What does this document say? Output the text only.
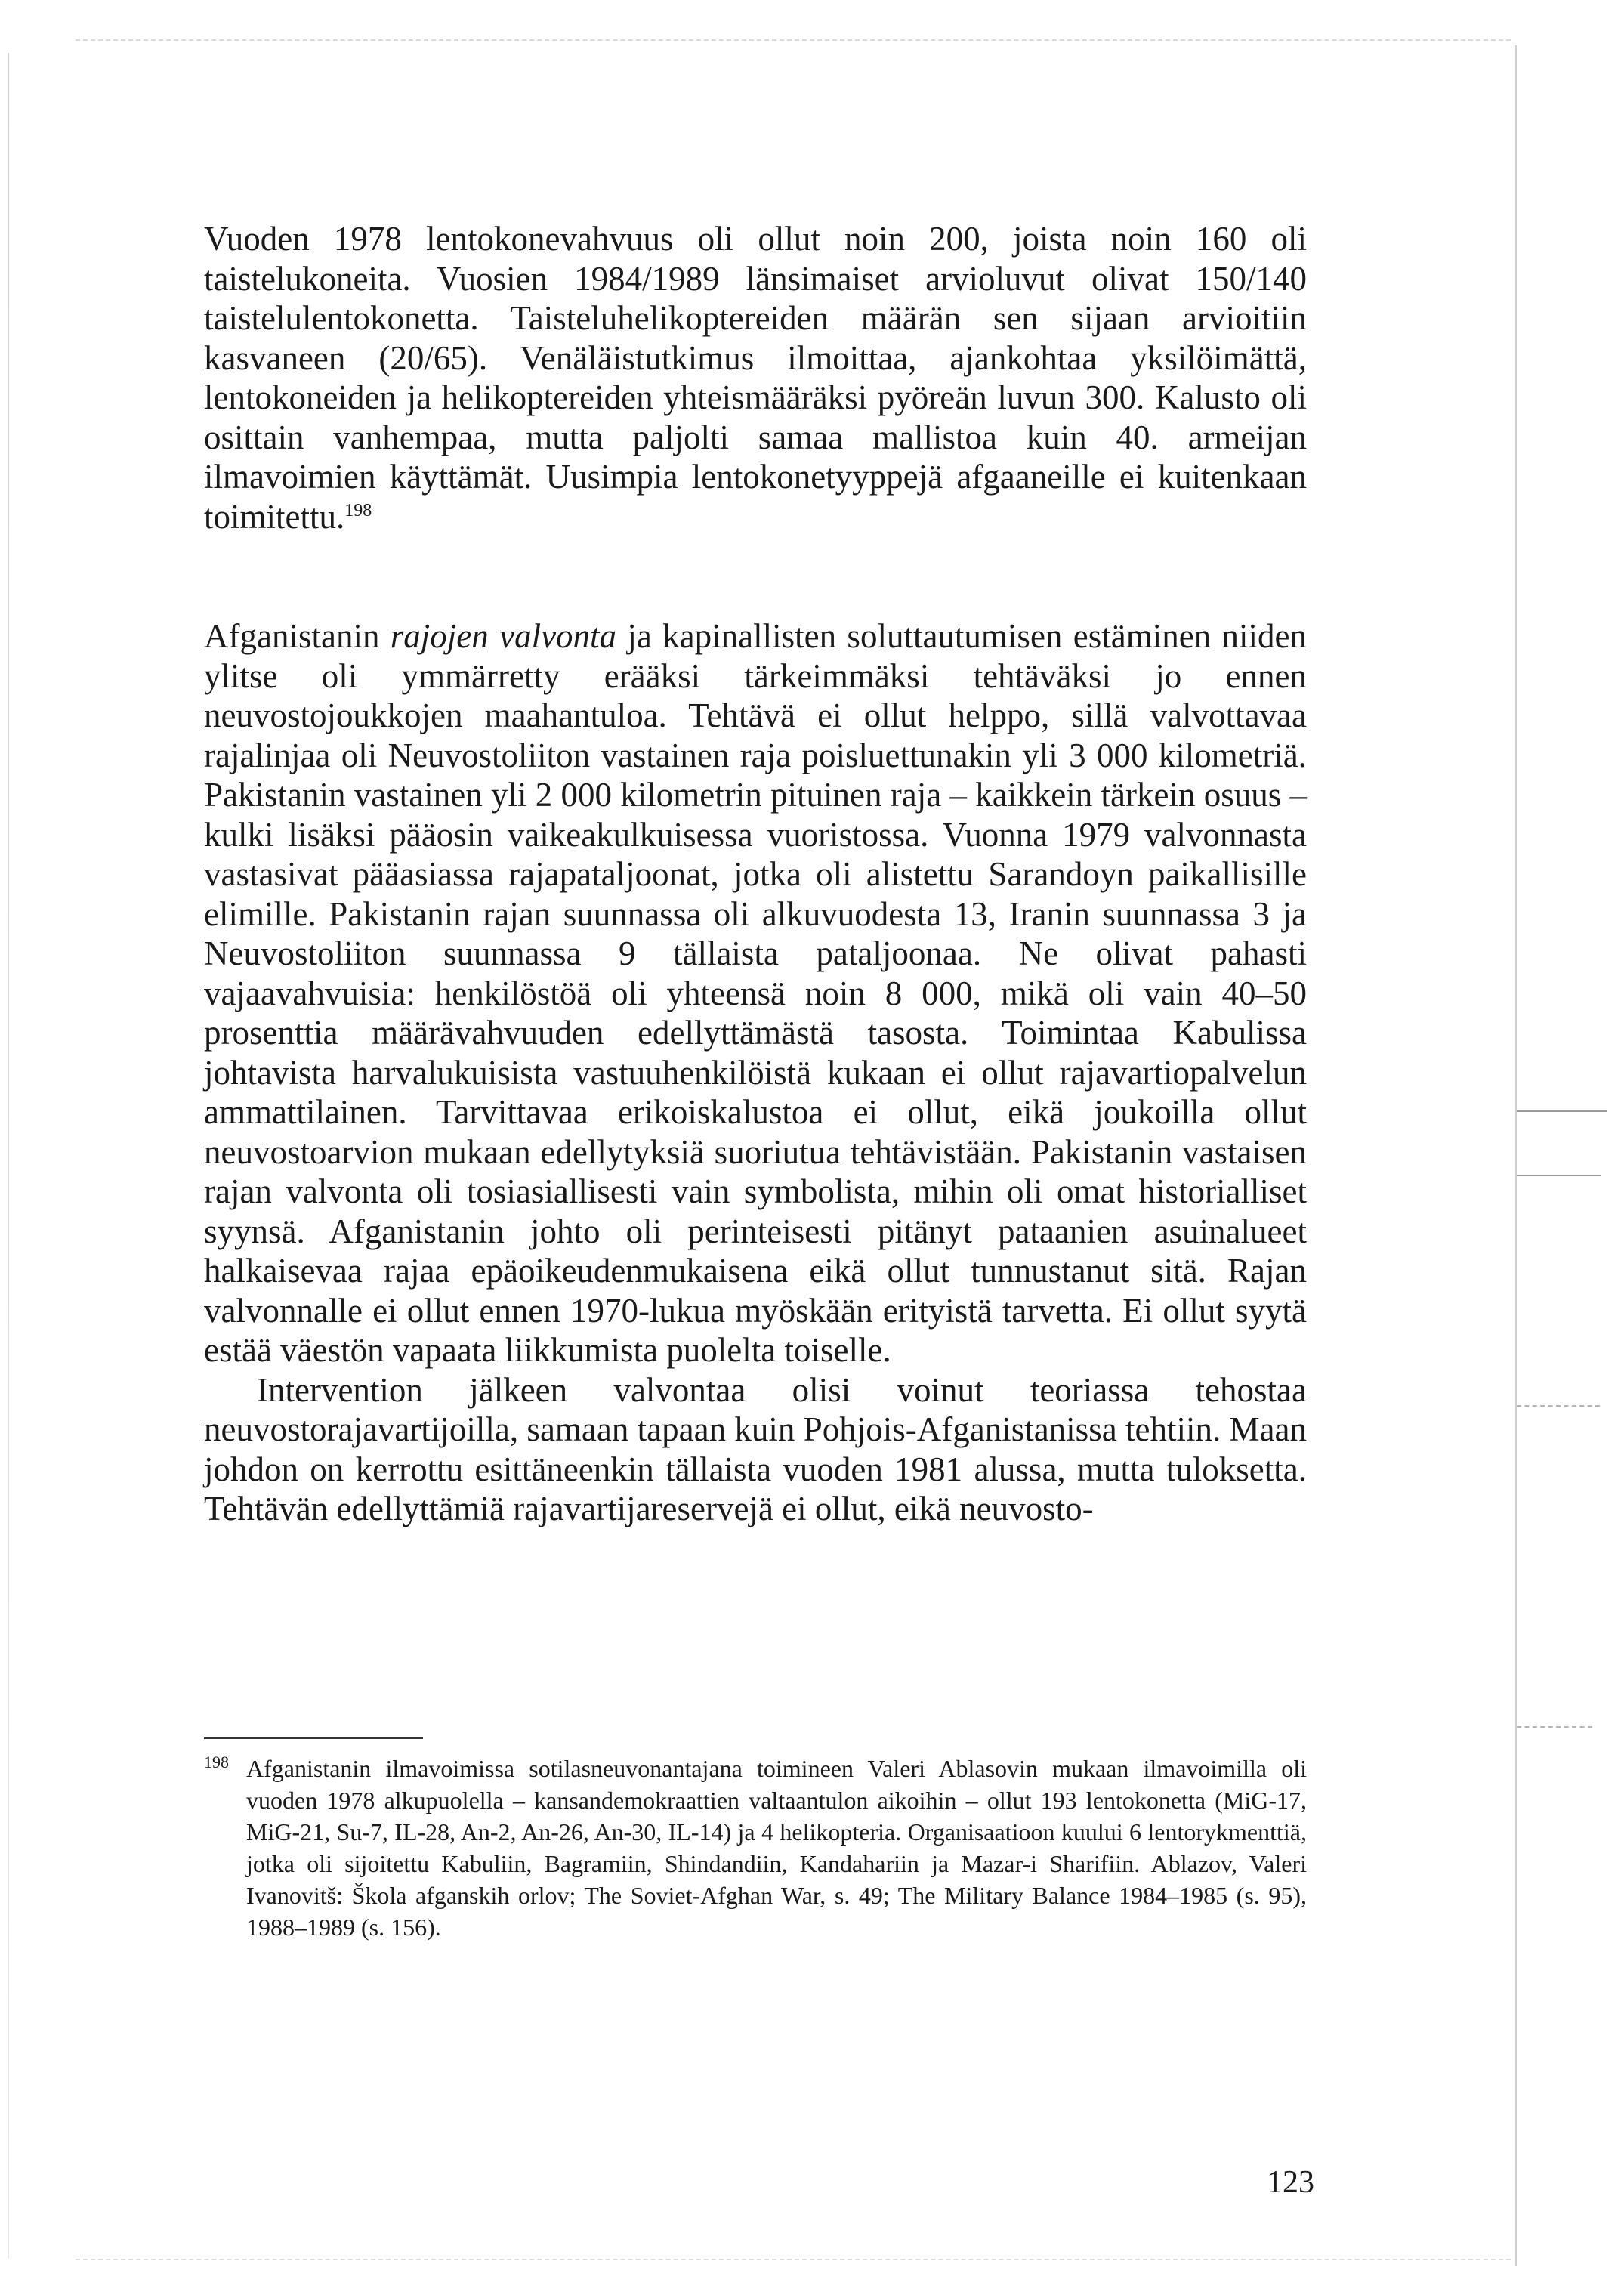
Vuoden 1978 lentokonevahvuus oli ollut noin 200, joista noin 160 oli taistelukoneita. Vuosien 1984/1989 länsimaiset arvioluvut olivat 150/140 taistelulentokonetta. Taisteluhelikoptereiden määrän sen sijaan arvioitiin kasvaneen (20/65). Venäläistutkimus ilmoittaa, ajankohtaa yksilöimättä, lentokoneiden ja helikoptereiden yhteismääräksi pyöreän luvun 300. Kalusto oli osittain vanhempaa, mutta paljolti samaa mallistoa kuin 40. armeijan ilmavoimien käyttämät. Uusimpia lentokonetyyppejä afgaaneille ei kuitenkaan toimitettu.$^{198}$

Afganistanin rajojen valvonta ja kapinallisten soluttautumisen estäminen niiden ylitse oli ymmärretty erääksi tärkeimmäksi tehtäväksi jo ennen neuvostojoukkojen maahantuloa. Tehtävä ei ollut helppo, sillä valvottavaa rajalinjaa oli Neuvostoliiton vastainen raja poisluettunakin yli 3 000 kilometriä. Pakistanin vastainen yli 2 000 kilometrin pituinen raja – kaikkein tärkein osuus – kulki lisäksi pääosin vaikeakulkuisessa vuoristossa. Vuonna 1979 valvonnasta vastasivat pääasiassa rajapataljoonat, jotka oli alistettu Sarandoyn paikallisille elimille. Pakistanin rajan suunnassa oli alkuvuodesta 13, Iranin suunnassa 3 ja Neuvostoliiton suunnassa 9 tällaista pataljoonaa. Ne olivat pahasti vajaavahvuisia: henkilöstöä oli yhteensä noin 8 000, mikä oli vain 40–50 prosenttia määrävahvuuden edellyttämästä tasosta. Toimintaa Kabulissa johtavista harvalukuisista vastuuhenkilöistä kukaan ei ollut rajavartiopalvelun ammattilainen. Tarvittavaa erikoiskalustoa ei ollut, eikä joukoilla ollut neuvostoarvion mukaan edellytyksiä suoriutua tehtävistään. Pakistanin vastaisen rajan valvonta oli tosiasiallisesti vain symbolista, mihin oli omat historialliset syynsä. Afganistanin johto oli perinteisesti pitänyt pataanien asuinalueet halkaisevaa rajaa epäoikeudenmukaisena eikä ollut tunnustanut sitä. Rajan valvonnalle ei ollut ennen 1970-lukua myöskään erityistä tarvetta. Ei ollut syytä estää väestön vapaata liikkumista puolelta toiselle.

Intervention jälkeen valvontaa olisi voinut teoriassa tehostaa neuvostorajavartijoilla, samaan tapaan kuin Pohjois-Afganistanissa tehtiin. Maan johdon on kerrottu esittäneenkin tällaista vuoden 1981 alussa, mutta tuloksetta. Tehtävän edellyttämiä rajavartijareservejä ei ollut, eikä neuvosto-

198 Afganistanin ilmavoimissa sotilasneuvonantajana toimineen Valeri Ablasovin mukaan ilmavoimilla oli vuoden 1978 alkupuolella – kansandemokraattien valtaantulon aikoihin – ollut 193 lentokonetta (MiG-17, MiG-21, Su-7, IL-28, An-2, An-26, An-30, IL-14) ja 4 helikopteria. Organisaatioon kuului 6 lentorykmenttiä, jotka oli sijoitettu Kabuliin, Bagramiin, Shindandiin, Kandahariin ja Mazar-i Sharifiin. Ablazov, Valeri Ivanovitš: Škola afganskih orlov; The Soviet-Afghan War, s. 49; The Military Balance 1984–1985 (s. 95), 1988–1989 (s. 156).

123
